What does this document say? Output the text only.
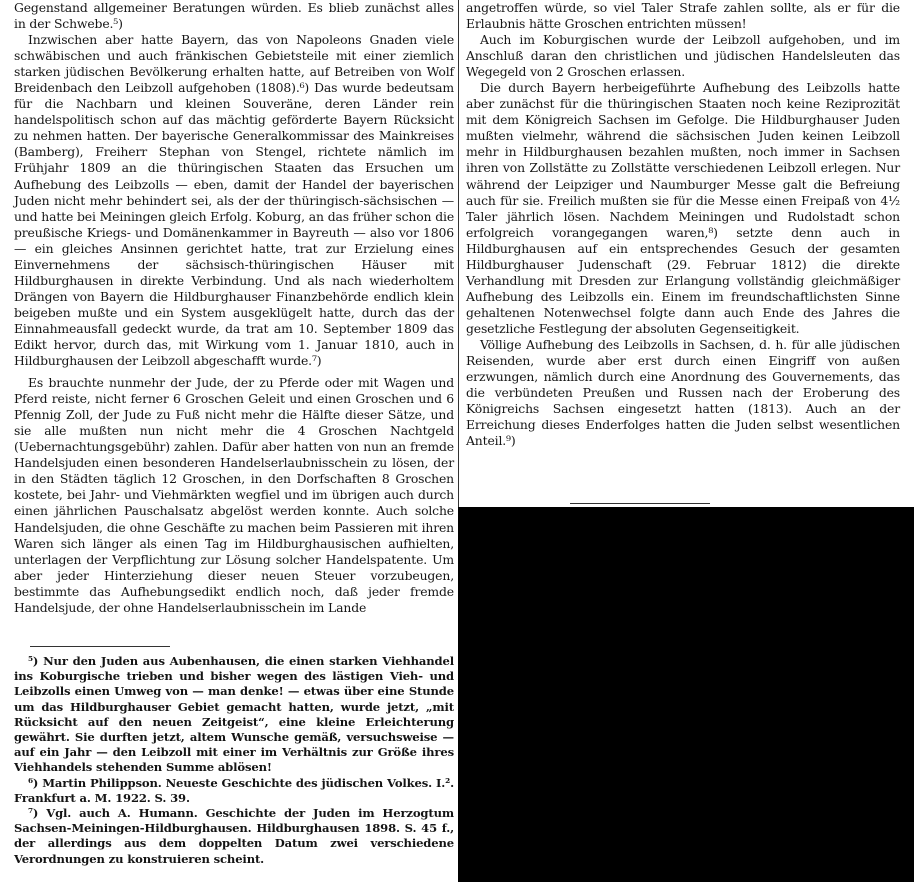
Gegenstand allgemeiner Beratungen würden. Es blieb zunächst alles in der Schwebe.⁵)

Inzwischen aber hatte Bayern, das von Napoleons Gnaden viele schwäbischen und auch fränkischen Gebietsteile mit einer ziemlich starken jüdischen Bevölkerung erhalten hatte, auf Betreiben von Wolf Breidenbach den Leibzoll aufgehoben (1808).⁶) Das wurde bedeutsam für die Nachbarn und kleinen Souveräne, deren Länder rein handelspolitisch schon auf das mächtig geförderte Bayern Rücksicht zu nehmen hatten. Der bayerische Generalkommissar des Mainkreises (Bamberg), Freiherr Stephan von Stengel, richtete nämlich im Frühjahr 1809 an die thüringischen Staaten das Ersuchen um Aufhebung des Leibzolls — eben, damit der Handel der bayerischen Juden nicht mehr behindert sei, als der der thüringisch-sächsischen — und hatte bei Meiningen gleich Erfolg. Koburg, an das früher schon die preußische Kriegs- und Domänenkammer in Bayreuth — also vor 1806 — ein gleiches Ansinnen gerichtet hatte, trat zur Erzielung eines Einvernehmens der sächsisch-thüringischen Häuser mit Hildburghausen in direkte Verbindung. Und als nach wiederholtem Drängen von Bayern die Hildburghauser Finanzbehörde endlich klein beigeben mußte und ein System ausgeklügelt hatte, durch das der Einnahmeausfall gedeckt wurde, da trat am 10. September 1809 das Edikt hervor, durch das, mit Wirkung vom 1. Januar 1810, auch in Hildburghausen der Leibzoll abgeschafft wurde.⁷)

Es brauchte nunmehr der Jude, der zu Pferde oder mit Wagen und Pferd reiste, nicht ferner 6 Groschen Geleit und einen Groschen und 6 Pfennig Zoll, der Jude zu Fuß nicht mehr die Hälfte dieser Sätze, und sie alle mußten nun nicht mehr die 4 Groschen Nachtgeld (Uebernachtungsgebühr) zahlen. Dafür aber hatten von nun an fremde Handelsjuden einen besonderen Handelserlaubnisschein zu lösen, der in den Städten täglich 12 Groschen, in den Dorfschaften 8 Groschen kostete, bei Jahr- und Viehmärkten wegfiel und im übrigen auch durch einen jährlichen Pauschalsatz abgelöst werden konnte. Auch solche Handelsjuden, die ohne Geschäfte zu machen beim Passieren mit ihren Waren sich länger als einen Tag im Hildburghausischen aufhielten, unterlagen der Verpflichtung zur Lösung solcher Handelspatente. Um aber jeder Hinterziehung dieser neuen Steuer vorzubeugen, bestimmte das Aufhebungsedikt endlich noch, daß jeder fremde Handelsjude, der ohne Handelserlaubnisschein im Lande

⁵) Nur den Juden aus Aubenhausen, die einen starken Viehhandel ins Koburgische trieben und bisher wegen des lästigen Vieh- und Leibzolls einen Umweg von — man denke! — etwas über eine Stunde um das Hildburghauser Gebiet gemacht hatten, wurde jetzt, „mit Rücksicht auf den neuen Zeitgeist“, eine kleine Erleichterung gewährt. Sie durften jetzt, altem Wunsche gemäß, versuchsweise — auf ein Jahr — den Leibzoll mit einer im Verhältnis zur Größe ihres Viehhandels stehenden Summe ablösen!

⁶) Martin Philippson. Neueste Geschichte des jüdischen Volkes. I.². Frankfurt a. M. 1922. S. 39.

⁷) Vgl. auch A. Humann. Geschichte der Juden im Herzogtum Sachsen-Meiningen-Hildburghausen. Hildburghausen 1898. S. 45 f., der allerdings aus dem doppelten Datum zwei verschiedene Verordnungen zu konstruieren scheint.

angetroffen würde, so viel Taler Strafe zahlen sollte, als er für die Erlaubnis hätte Groschen entrichten müssen!

Auch im Koburgischen wurde der Leibzoll aufgehoben, und im Anschluß daran den christlichen und jüdischen Handelsleuten das Wegegeld von 2 Groschen erlassen.

Die durch Bayern herbeigeführte Aufhebung des Leibzolls hatte aber zunächst für die thüringischen Staaten noch keine Reziprozität mit dem Königreich Sachsen im Gefolge. Die Hildburghauser Juden mußten vielmehr, während die sächsischen Juden keinen Leibzoll mehr in Hildburghausen bezahlen mußten, noch immer in Sachsen ihren von Zollstätte zu Zollstätte verschiedenen Leibzoll erlegen. Nur während der Leipziger und Naumburger Messe galt die Befreiung auch für sie. Freilich mußten sie für die Messe einen Freipaß von 4½ Taler jährlich lösen. Nachdem Meiningen und Rudolstadt schon erfolgreich vorangegangen waren,⁸) setzte denn auch in Hildburghausen auf ein entsprechendes Gesuch der gesamten Hildburghauser Judenschaft (29. Februar 1812) die direkte Verhandlung mit Dresden zur Erlangung vollständig gleichmäßiger Aufhebung des Leibzolls ein. Einem im freundschaftlichsten Sinne gehaltenen Notenwechsel folgte dann auch Ende des Jahres die gesetzliche Festlegung der absoluten Gegenseitigkeit.

Völlige Aufhebung des Leibzolls in Sachsen, d. h. für alle jüdischen Reisenden, wurde aber erst durch einen Eingriff von außen erzwungen, nämlich durch eine Anordnung des Gouvernements, das die verbündeten Preußen und Russen nach der Eroberung des Königreichs Sachsen eingesetzt hatten (1813). Auch an der Erreichung dieses Enderfolges hatten die Juden selbst wesentlichen Anteil.⁹)
